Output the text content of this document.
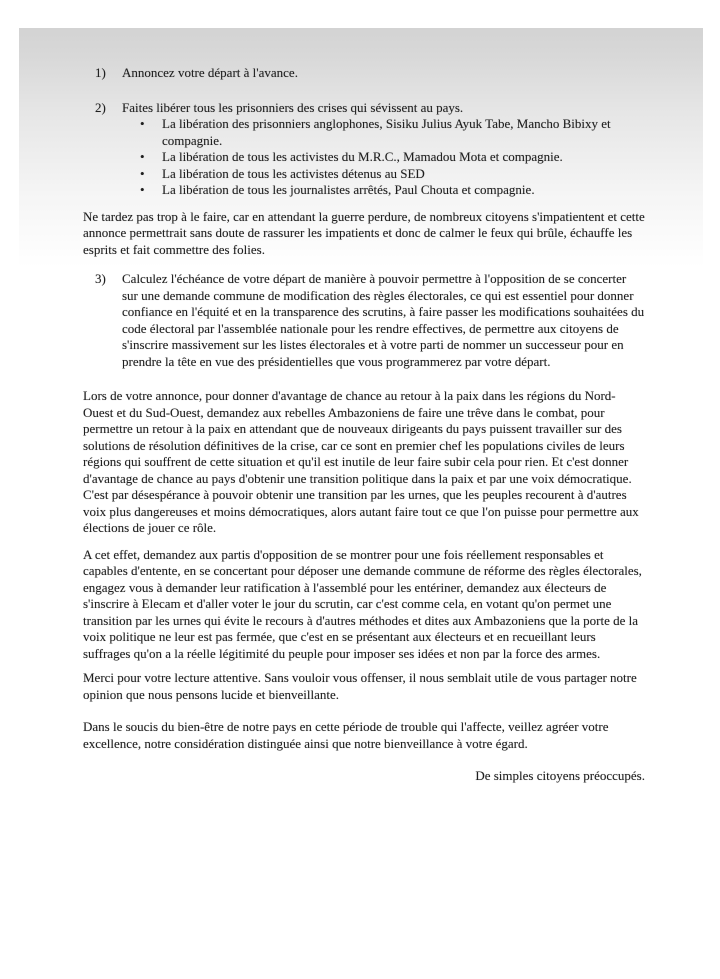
1)	Annoncez votre départ à l'avance.
2)	Faites libérer tous les prisonniers des crises qui sévissent au pays.
•	La libération des prisonniers anglophones, Sisiku Julius Ayuk Tabe, Mancho Bibixy et compagnie.
•	La libération de tous les activistes du M.R.C., Mamadou Mota et compagnie.
•	La libération de tous les activistes détenus au SED
•	La libération de tous les journalistes arrêtés, Paul Chouta et compagnie.

Ne tardez pas trop à le faire, car en attendant la guerre perdure, de nombreux citoyens s'impatientent et cette annonce permettrait sans doute de rassurer les impatients et donc de calmer le feux qui brûle, échauffe les esprits et fait commettre des folies.

3)	Calculez l'échéance de votre départ de manière à pouvoir permettre à l'opposition de se concerter sur une demande commune de modification des règles électorales, ce qui est essentiel pour donner confiance en l'équité et en la transparence des scrutins, à faire passer les modifications souhaitées du code électoral par l'assemblée nationale pour les rendre effectives, de permettre aux citoyens de s'inscrire massivement sur les listes électorales et à votre parti de nommer un successeur pour en prendre la tête en vue des présidentielles que vous programmerez par votre départ.

Lors de votre annonce, pour donner d'avantage de chance au retour à la paix dans les régions du Nord-Ouest et du Sud-Ouest, demandez aux rebelles Ambazoniens de faire une trêve dans le combat, pour permettre un retour à la paix en attendant que de nouveaux dirigeants du pays puissent travailler sur des solutions de résolution définitives de la crise, car ce sont en premier chef les populations civiles de leurs régions qui souffrent de cette situation et qu'il est inutile de leur faire subir cela pour rien. Et c'est donner d'avantage de chance au pays d'obtenir une transition politique dans la paix et par une voix démocratique. C'est par désespérance à pouvoir obtenir une transition par les urnes, que les peuples recourent à d'autres voix plus dangereuses et moins démocratiques, alors autant faire tout ce que l'on puisse pour permettre aux élections de jouer ce rôle.

A cet effet, demandez aux partis d'opposition de se montrer pour une fois réellement responsables et capables d'entente, en se concertant pour déposer une demande commune de réforme des règles électorales, engagez vous à demander leur ratification à l'assemblé pour les entériner, demandez aux électeurs de s'inscrire à Elecam et d'aller voter le jour du scrutin, car c'est comme cela, en votant qu'on permet une transition par les urnes qui évite le recours à d'autres méthodes et dites aux Ambazoniens que la porte de la voix politique ne leur est pas fermée, que c'est en se présentant aux électeurs et en recueillant leurs suffrages qu'on a la réelle légitimité du peuple pour imposer ses idées et non par la force des armes.

Merci pour votre lecture attentive. Sans vouloir vous offenser, il nous semblait utile de vous partager notre opinion que nous pensons lucide et bienveillante.

Dans le soucis du bien-être de notre pays en cette période de trouble qui l'affecte, veillez agréer votre excellence, notre considération distinguée ainsi que notre bienveillance à votre égard.

De simples citoyens préoccupés.
